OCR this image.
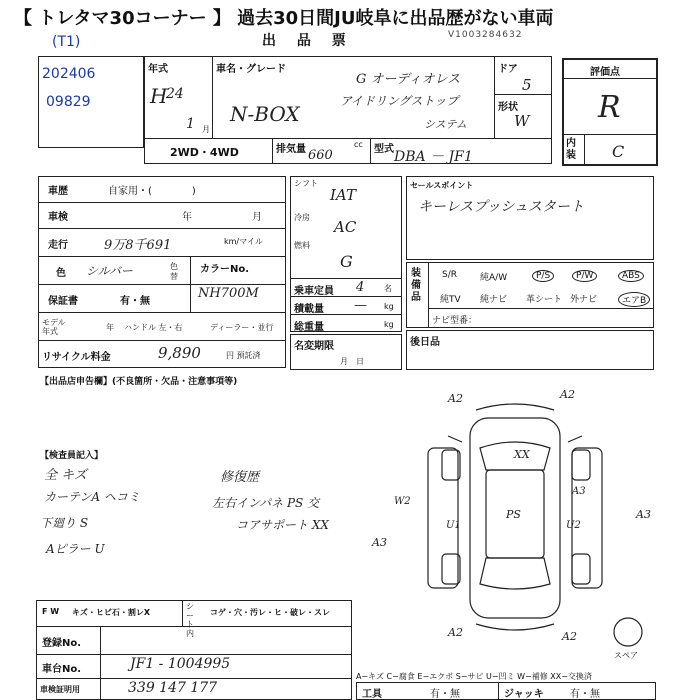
【 トレタマ30コーナー 】 過去30日間JU岐阜に出品歴がない車両
出 品 票	V1003284632
(T1)
202406
09829
年式
H
24
1 月
車名・グレード
N-BOX
G オーディオレス
アイドリングストップ
システム
ドア
5
形状
W
2WD・4WD	排気量	cc
660	型式 DBA － JF1
評価点
R
内装 C
車歴	自家用・(　　　　)
車検	年	月
走行	9万8千691	km/マイル
色 シルバー	色替
カラーNo.
NH700M
保証書	有・無
モデル年式	年 ハンドル 左・右	ディーラー・並行
リサイクル料金	9,890	円 預託済
シフト
IAT
冷房
AC
燃料
G
乗車定員 4 名
積載量 — kg
総重量	kg
セールスポイント
キーレスプッシュスタート
装備品
S/R	純A/W	P/S	P/W	ABS
純TV 純ナビ 革シート 外ナビ	エアB
ナビ型番：
名変期限
月　日
後日品
【出品店申告欄】(不良箇所・欠品・注意事項等)
【検査員記入】
全 キズ
カーテンA ヘコミ
下廻り S
Aピラー U
修復歴
左右インパネ PS 交
コアサポート XX
A2	A2
A2	A2
A3
A3
A3
W2
U1	U2
PS
XX
スペア
F W キズ・ヒビ石・割レX
シート内
コゲ・穴・汚レ・ヒ・破レ・スレ
登録No.
車台No.	JF1 - 1004995
車検証明用	339 147 177
A−キズ C−腐食 E−エクボ S−サビ U−凹ミ W−補修 XX−交換済
工具	有・無	ジャッキ	有・無
